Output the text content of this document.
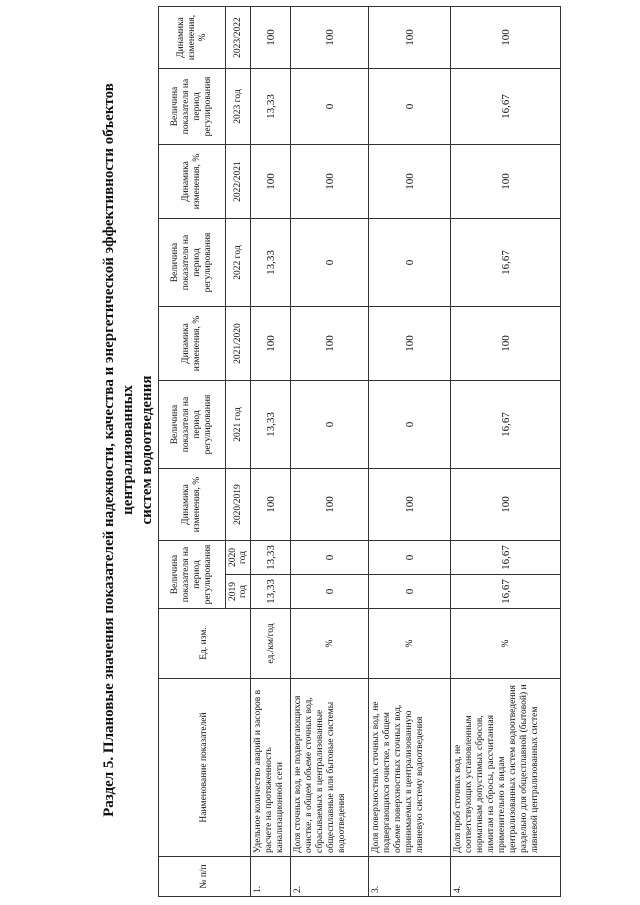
Раздел 5. Плановые значения показателей надежности, качества и энергетической эффективности объектов централизованных систем водоотведения
№ п/п	Наименование показателей	Ед. изм.	Величина показателя на период регулирования		Динамика изменения, %	Величина показателя на период регулирования	Динамика изменения, %	Величина показателя на период регулирования	Динамика изменения, %	Величина показателя на период регулирования	Динамика изменения, %
			2019 год	2020 год	2020/2019	2021 год	2021/2020	2022 год	2022/2021	2023 год	2023/2022
1.	Удельное количество аварий и засоров в расчете на протяженность канализационной сети	ед./км/год	13,33	13,33	100	13,33	100	13,33	100	13,33	100
2.	Доля сточных вод, не подвергающихся очистке, в общем объеме сточных вод, сбрасываемых в централизованные общесплавные или бытовые системы водоотведения	%	0	0	100	0	100	0	100	0	100
3.	Доля поверхностных сточных вод, не подвергающихся очистке, в общем объеме поверхностных сточных вод, принимаемых в централизованную ливневую систему водоотведения	%	0	0	100	0	100	0	100	0	100
4.	Доля проб сточных вод, не соответствующих установленным нормативам допустимых сбросов, лимитам на сбросы, рассчитанная применительно к видам централизованных систем водоотведения раздельно для общесплавной (бытовой) и ливневой централизованных систем	%	16,67	16,67	100	16,67	100	16,67	100	16,67	100
